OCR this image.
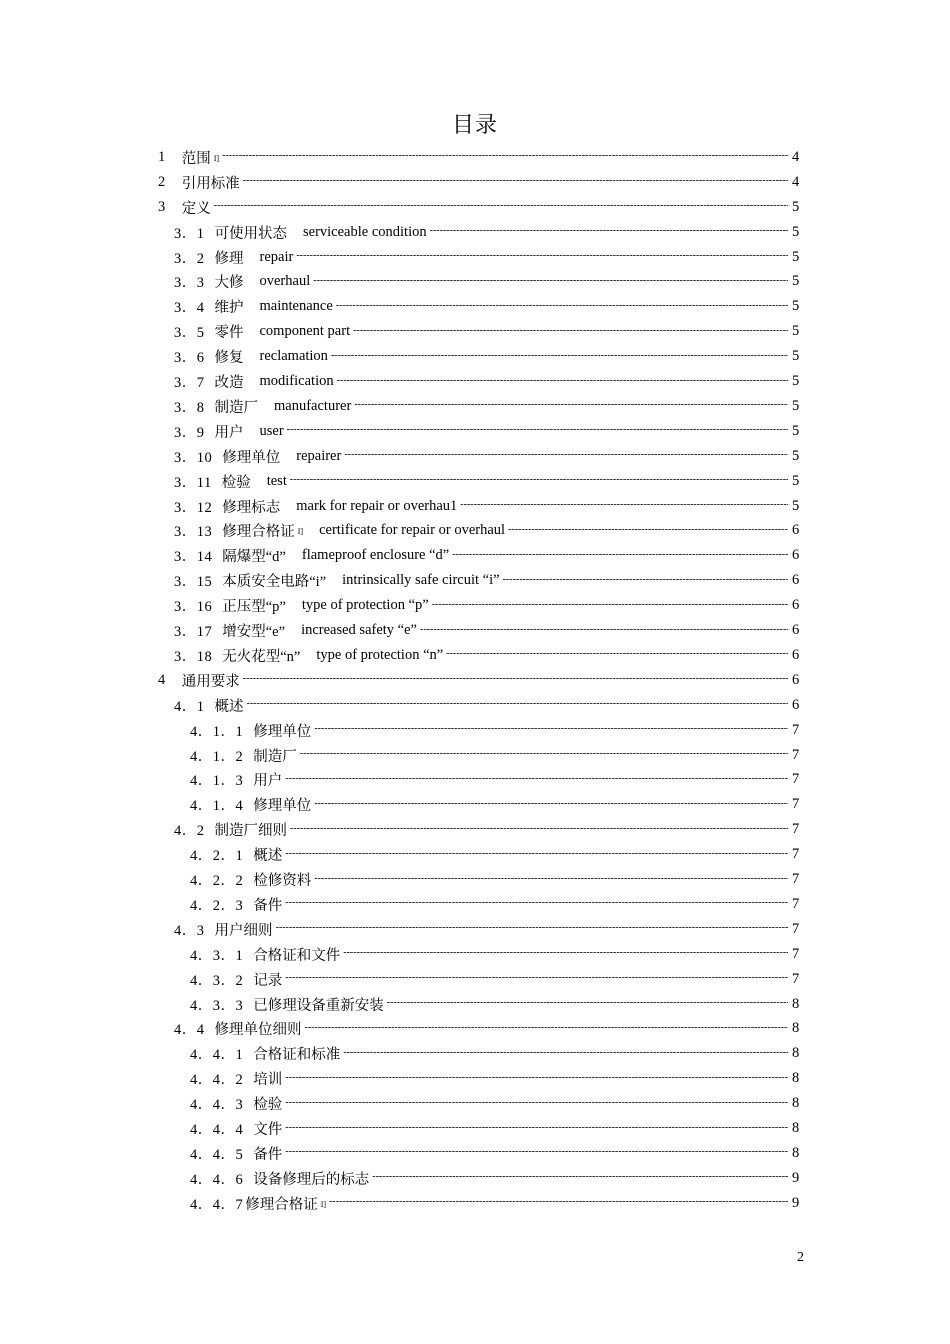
目录
1	范围 I] -----	4
2	引用标准 -----	4
3	定义 -----	5
3．1 可使用状态	serviceable condition -----	5
3．2 修理	repair -----	5
3．3 大修	overhaul -----	5
3．4 维护	maintenance -----	5
3．5 零件	component part -----	5
3．6 修复	reclamation -----	5
3．7 改造	modification -----	5
3．8 制造厂	manufacturer -----	5
3．9 用户	user -----	5
3．10 修理单位	repairer -----	5
3．11 检验	test -----	5
3．12 修理标志	mark for repair or overhau1 -----	5
3．13 修理合格证 I]	certificate for repair or overhaul -----	6
3．14 隔爆型“d”	flameproof enclosure “d” -----	6
3．15 本质安全电路“i”	intrinsically safe circuit “i” -----	6
3．16 正压型“p”	type of protection “p” -----	6
3．17 增安型“e”	increased safety “e” -----	6
3．18 无火花型“n”	type of protection “n” -----	6
4	通用要求 -----	6
4．1 概述 -----	6
4．1．1 修理单位 -----	7
4．1．2 制造厂 -----	7
4．1．3 用户 -----	7
4．1．4 修理单位 -----	7
4．2 制造厂细则 -----	7
4．2．1 概述 -----	7
4．2．2 检修资料 -----	7
4．2．3 备件 -----	7
4．3 用户细则 -----	7
4．3．1 合格证和文件 -----	7
4．3．2 记录 -----	7
4．3．3 已修理设备重新安装 -----	8
4．4 修理单位细则 -----	8
4．4．1 合格证和标准 -----	8
4．4．2 培训 -----	8
4．4．3 检验 -----	8
4．4．4 文件 -----	8
4．4．5 备件 -----	8
4．4．6 设备修理后的标志 -----	9
4．4．7 修理合格证 I] -----	9
2
